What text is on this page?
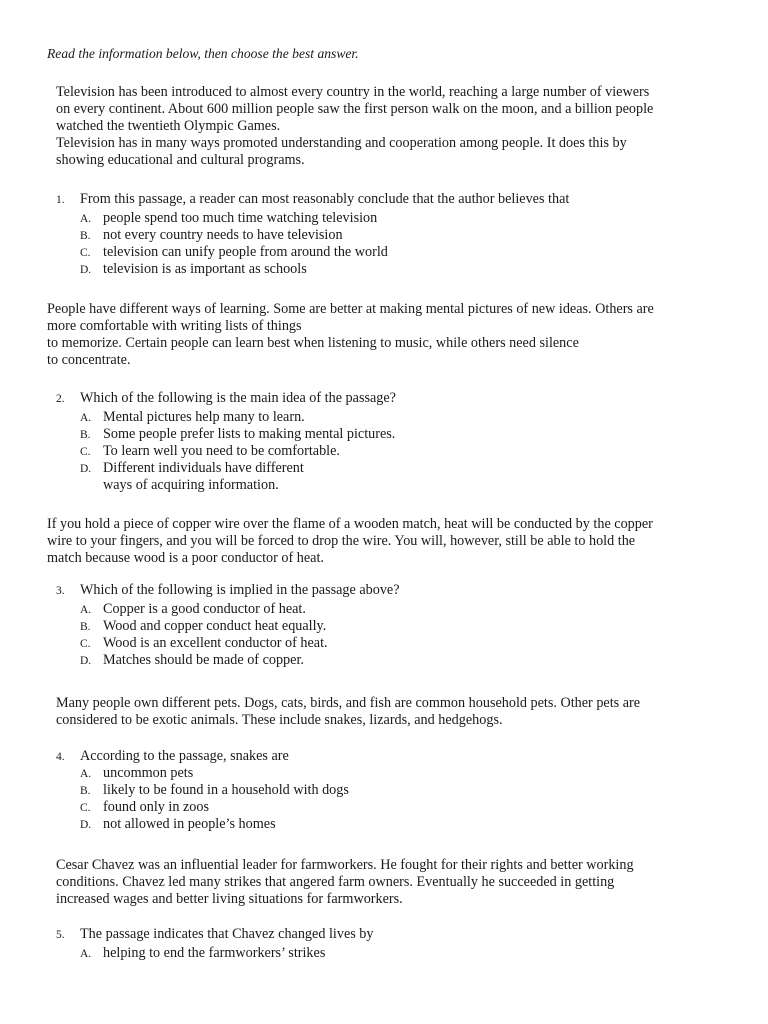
Read the information below, then choose the best answer.

Television has been introduced to almost every country in the world, reaching a large number of viewers
on every continent. About 600 million people saw the first person walk on the moon, and a billion people
watched the twentieth Olympic Games.
Television has in many ways promoted understanding and cooperation among people. It does this by
showing educational and cultural programs.

1. From this passage, a reader can most reasonably conclude that the author believes that
A. people spend too much time watching television
B. not every country needs to have television
C. television can unify people from around the world
D. television is as important as schools

People have different ways of learning. Some are better at making mental pictures of new ideas. Others are
more comfortable with writing lists of things
to memorize. Certain people can learn best when listening to music, while others need silence
to concentrate.

2. Which of the following is the main idea of the passage?
A. Mental pictures help many to learn.
B. Some people prefer lists to making mental pictures.
C. To learn well you need to be comfortable.
D. Different individuals have different
ways of acquiring information.

If you hold a piece of copper wire over the flame of a wooden match, heat will be conducted by the copper
wire to your fingers, and you will be forced to drop the wire. You will, however, still be able to hold the
match because wood is a poor conductor of heat.

3. Which of the following is implied in the passage above?
A. Copper is a good conductor of heat.
B. Wood and copper conduct heat equally.
C. Wood is an excellent conductor of heat.
D. Matches should be made of copper.

Many people own different pets. Dogs, cats, birds, and fish are common household pets. Other pets are
considered to be exotic animals. These include snakes, lizards, and hedgehogs.

4. According to the passage, snakes are
A. uncommon pets
B. likely to be found in a household with dogs
C. found only in zoos
D. not allowed in people’s homes

Cesar Chavez was an influential leader for farmworkers. He fought for their rights and better working
conditions. Chavez led many strikes that angered farm owners. Eventually he succeeded in getting
increased wages and better living situations for farmworkers.

5. The passage indicates that Chavez changed lives by
A. helping to end the farmworkers’ strikes
